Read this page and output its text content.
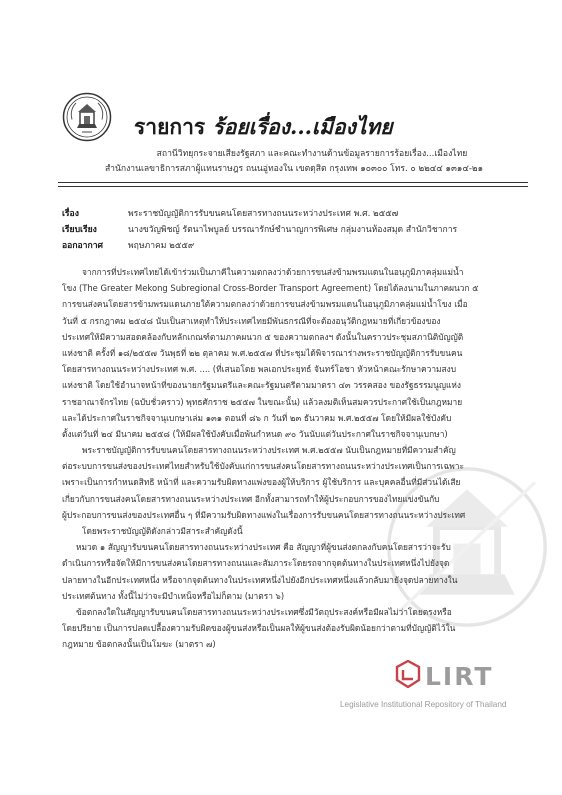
รายการ ร้อยเรื่อง...เมืองไทย
สถานีวิทยุกระจายเสียงรัฐสภา และคณะทำงานด้านข้อมูลรายการร้อยเรื่อง...เมืองไทย
สำนักงานเลขาธิการสภาผู้แทนราษฎร ถนนอู่ทองใน เขตดุสิต กรุงเทพ ๑๐๓๐๐ โทร. ๐ ๒๒๔๔ ๑๓๑๔-๒๑
เรื่อง	พระราชบัญญัติการรับขนคนโดยสารทางถนนระหว่างประเทศ พ.ศ. ๒๕๕๗
เรียบเรียง	นางขวัญพิชญ์ รัตนาไพบูลย์ บรรณารักษ์ชำนาญการพิเศษ กลุ่มงานห้องสมุด สำนักวิชาการ
ออกอากาศ	พฤษภาคม ๒๕๕๙
จากการที่ประเทศไทยได้เข้าร่วมเป็นภาคีในความตกลงว่าด้วยการขนส่งข้ามพรมแดนในอนุภูมิภาคลุ่มแม่น้ำ
โขง (The Greater Mekong Subregional Cross-Border Transport Agreement) โดยได้ลงนามในภาคผนวก ๕
การขนส่งคนโดยสารข้ามพรมแดนภายใต้ความตกลงว่าด้วยการขนส่งข้ามพรมแดนในอนุภูมิภาคลุ่มแม่น้ำโขง เมื่อ
วันที่ ๕ กรกฎาคม ๒๕๔๘ นับเป็นสาเหตุทำให้ประเทศไทยมีพันธกรณีที่จะต้องอนุวัติกฎหมายที่เกี่ยวข้องของ
ประเทศให้มีความสอดคล้องกับหลักเกณฑ์ตามภาคผนวก ๕ ของความตกลงฯ ดังนั้นในคราวประชุมสภานิติบัญญัติ
แห่งชาติ ครั้งที่ ๑๘/๒๕๕๗ วันพุธที่ ๒๒ ตุลาคม พ.ศ.๒๕๕๗ ที่ประชุมได้พิจารณาร่างพระราชบัญญัติการรับขนคน
โดยสารทางถนนระหว่างประเทศ พ.ศ. .... (ที่เสนอโดย พลเอกประยุทธ์ จันทร์โอชา หัวหน้าคณะรักษาความสงบ
แห่งชาติ โดยใช้อำนาจหน้าที่ของนายกรัฐมนตรีและคณะรัฐมนตรีตามมาตรา ๔๓ วรรคสอง ของรัฐธรรมนูญแห่ง
ราชอาณาจักรไทย (ฉบับชั่วคราว) พุทธศักราช ๒๕๕๗ ในขณะนั้น) แล้วลงมติเห็นสมควรประกาศใช้เป็นกฎหมาย
และได้ประกาศในราชกิจจานุเบกษาเล่ม ๑๓๑ ตอนที่ ๘๖ ก วันที่ ๒๓ ธันวาคม พ.ศ.๒๕๕๗ โดยให้มีผลใช้บังคับ
ตั้งแต่วันที่ ๒๔ มีนาคม ๒๕๕๘ (ให้มีผลใช้บังคับเมื่อพ้นกำหนด ๙๐ วันนับแต่วันประกาศในราชกิจจานุเบกษา)
พระราชบัญญัติการรับขนคนโดยสารทางถนนระหว่างประเทศ พ.ศ.๒๕๕๗ นับเป็นกฎหมายที่มีความสำคัญ
ต่อระบบการขนส่งของประเทศไทยสำหรับใช้บังคับแก่การขนส่งคนโดยสารทางถนนระหว่างประเทศเป็นการเฉพาะ
เพราะเป็นการกำหนดสิทธิ หน้าที่ และความรับผิดทางแพ่งของผู้ให้บริการ ผู้ใช้บริการ และบุคคลอื่นที่มีส่วนได้เสีย
เกี่ยวกับการขนส่งคนโดยสารทางถนนระหว่างประเทศ อีกทั้งสามารถทำให้ผู้ประกอบการของไทยแข่งขันกับ
ผู้ประกอบการขนส่งของประเทศอื่น ๆ ที่มีความรับผิดทางแพ่งในเรื่องการรับขนคนโดยสารทางถนนระหว่างประเทศ
โดยพระราชบัญญัติดังกล่าวมีสาระสำคัญดังนี้
หมวด ๑ สัญญารับขนคนโดยสารทางถนนระหว่างประเทศ คือ สัญญาที่ผู้ขนส่งตกลงกับคนโดยสารว่าจะรับ
ดำเนินการหรือจัดให้มีการขนส่งคนโดยสารทางถนนและสัมภาระโดยรถจากจุดต้นทางในประเทศหนึ่งไปยังจุด
ปลายทางในอีกประเทศหนึ่ง หรือจากจุดต้นทางในประเทศหนึ่งไปยังอีกประเทศหนึ่งแล้วกลับมายังจุดปลายทางใน
ประเทศต้นทาง ทั้งนี้ไม่ว่าจะมีบำเหน็จหรือไม่ก็ตาม (มาตรา ๖)
ข้อตกลงใดในสัญญารับขนคนโดยสารทางถนนระหว่างประเทศซึ่งมีวัตถุประสงค์หรือมีผลไม่ว่าโดยตรงหรือ
โดยปริยาย เป็นการปลดเปลื้องความรับผิดของผู้ขนส่งหรือเป็นผลให้ผู้ขนส่งต้องรับผิดน้อยกว่าตามที่บัญญัติไว้ใน
กฎหมาย ข้อตกลงนั้นเป็นโมฆะ (มาตรา ๗)
LIRT
Legislative Institutional Repository of Thailand
